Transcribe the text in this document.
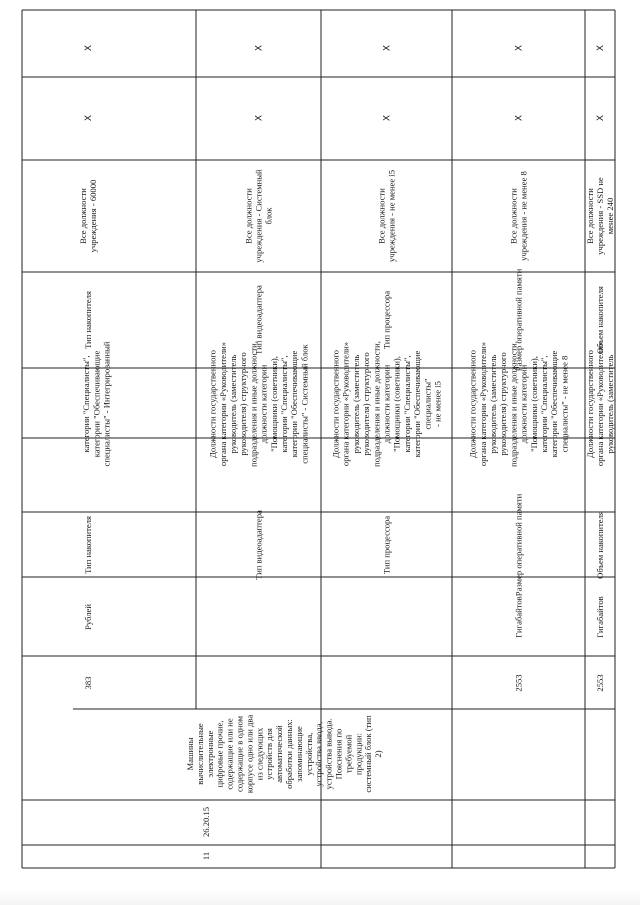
11
26.20.15
Машины вычислительные электронные цифровые прочие, содержащие или не содержащие в одном корпусе одно или два из следующих устройств для автоматической обработки данных: запоминающие устройства, устройства ввода, устройства вывода. Пояснения по требуемой продукции: системный блок (тип 2)
383
Рублей
Тип накопителя
категории "Специалисты", категории "Обеспечивающие специалисты" - Интегрированный
Тип накопителя
Все должности учреждения - 60000
X
X
Тип видеоадаптера
Должности государственного органа категории «Руководители» руководитель (заместитель руководителя) структурного подразделения и иные должности, должности категории "Помощники (советники), категории "Специалисты", категории "Обеспечивающие специалисты" - Системный блок
Тип видеоадаптера
Все должности учреждения - Системный блок
X
X
Тип процессора
Должности государственного органа категории «Руководители» руководитель (заместитель руководителя) структурного подразделения и иные должности, должности категории "Помощники (советники), категории "Специалисты", категории "Обеспечивающие специалисты" - не менее i5
Тип процессора
Все должности учреждения - не менее i5
X
X
2553
Гигабайтов
Размер оперативной памяти
Должности государственного органа категории «Руководители» руководитель (заместитель руководителя) структурного подразделения и иные должности, должности категории "Помощники (советники), категории "Специалисты", категории "Обеспечивающие специалисты" - не менее 8
Размер оперативной памяти
Все должности учреждения - не менее 8
X
X
2553
Гигабайтов
Объем накопителя
Должности государственного органа категории «Руководители» руководитель (заместитель
Объем накопителя
Все должности учреждения - SSD не менее 240
X
X
